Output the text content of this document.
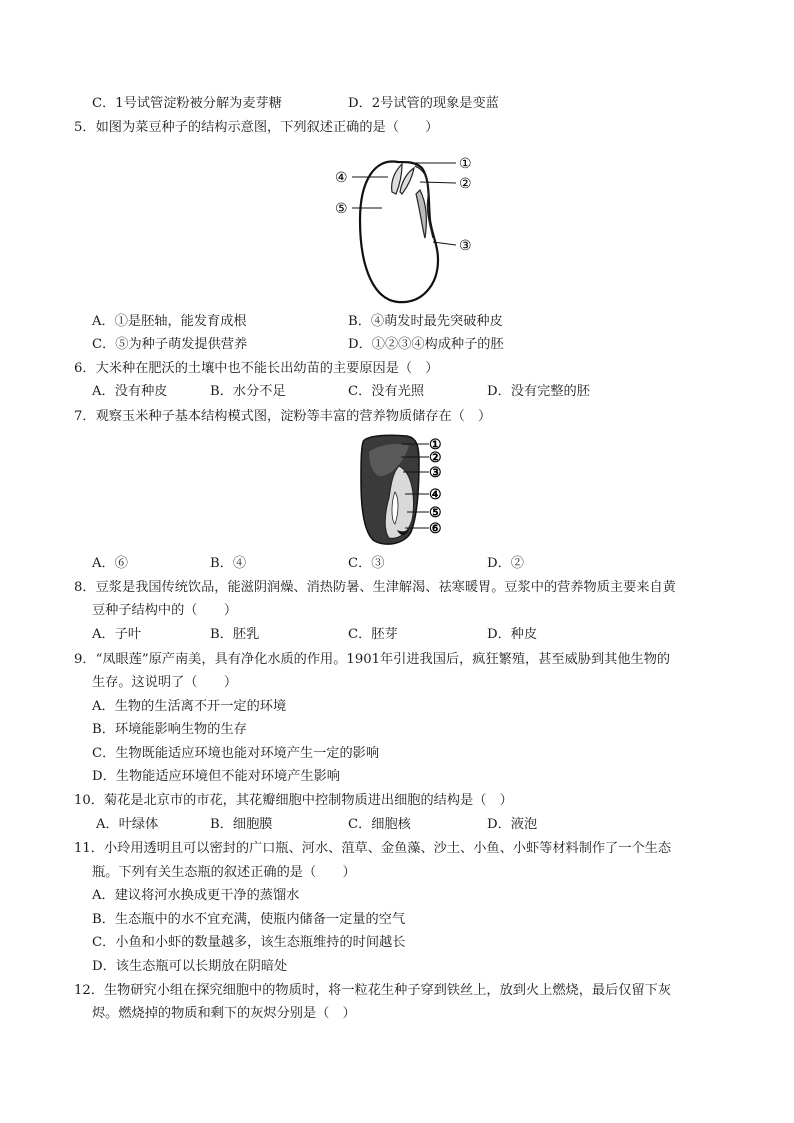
C．1号试管淀粉被分解为麦芽糖	D．2号试管的现象是变蓝
5．如图为菜豆种子的结构示意图，下列叙述正确的是（　　）
①
②
③
④
⑤
A．①是胚轴，能发育成根	B．④萌发时最先突破种皮
C．⑤为种子萌发提供营养	D．①②③④构成种子的胚
6．大米种在肥沃的土壤中也不能长出幼苗的主要原因是（　）
A．没有种皮	B．水分不足	C．没有光照	D．没有完整的胚
7．观察玉米种子基本结构模式图，淀粉等丰富的营养物质储存在（　）
①
②
③
④
⑤
⑥
A．⑥	B．④	C．③	D．②
8．豆浆是我国传统饮品，能滋阴润燥、消热防暑、生津解渴、祛寒暖胃。豆浆中的营养物质主要来自黄
豆种子结构中的（　　）
A．子叶	B．胚乳	C．胚芽	D．种皮
9．“凤眼莲”原产南美，具有净化水质的作用。1901年引进我国后，疯狂繁殖，甚至威胁到其他生物的
生存。这说明了（　　）
A．生物的生活离不开一定的环境
B．环境能影响生物的生存
C．生物既能适应环境也能对环境产生一定的影响
D．生物能适应环境但不能对环境产生影响
10．菊花是北京市的市花，其花瓣细胞中控制物质进出细胞的结构是（　）
A．叶绿体	B．细胞膜	C．细胞核	D．液泡
11．小玲用透明且可以密封的广口瓶、河水、菹草、金鱼藻、沙土、小鱼、小虾等材料制作了一个生态
瓶。下列有关生态瓶的叙述正确的是（　　）
A．建议将河水换成更干净的蒸馏水
B．生态瓶中的水不宜充满，使瓶内储备一定量的空气
C．小鱼和小虾的数量越多，该生态瓶维持的时间越长
D．该生态瓶可以长期放在阴暗处
12．生物研究小组在探究细胞中的物质时，将一粒花生种子穿到铁丝上，放到火上燃烧，最后仅留下灰
烬。燃烧掉的物质和剩下的灰烬分别是（　）
